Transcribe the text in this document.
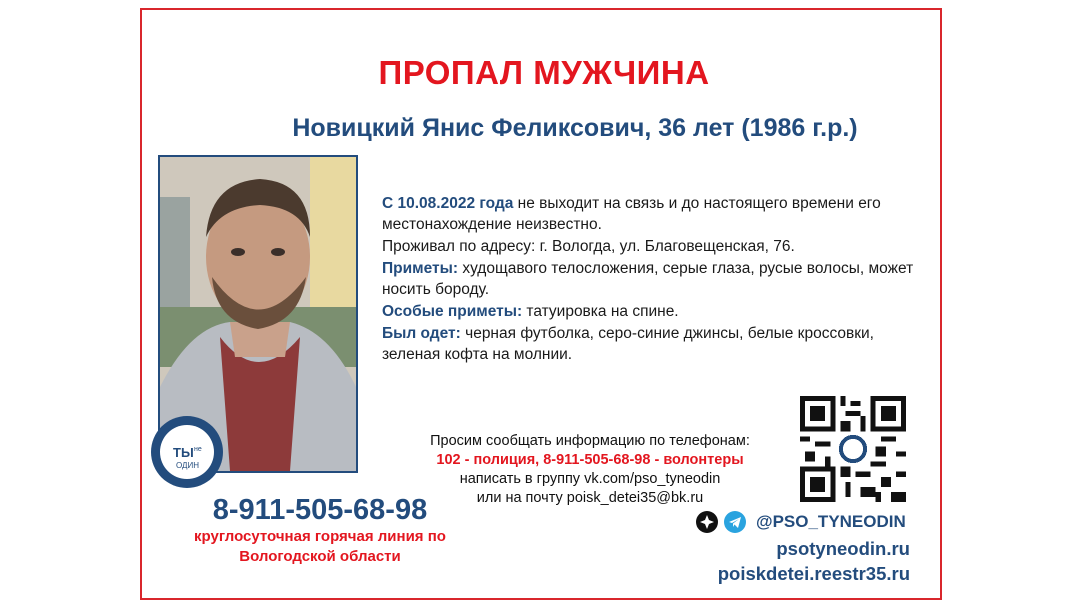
ПРОПАЛ МУЖЧИНА
Новицкий Янис Феликсович, 36 лет (1986 г.р.)
ТЫ не
ОДИН

С 10.08.2022 года не выходит на связь и до настоящего времени его местонахождение неизвестно.

Проживал по адресу: г. Вологда, ул. Благовещенская, 76.

Приметы: худощавого телосложения, серые глаза, русые волосы, может носить бороду.

Особые приметы: татуировка на спине.

Был одет: черная футболка, серо-синие джинсы, белые кроссовки, зеленая кофта на молнии.

Просим сообщать информацию по телефонам:
102 - полиция, 8-911-505-68-98 - волонтеры
написать в группу vk.com/pso_tyneodin
или на почту poisk_detei35@bk.ru
8-911-505-68-98
круглосуточная горячая линия по
Вологодской области
@PSO_TYNEODIN
psotyneodin.ru
poiskdetei.reestr35.ru
